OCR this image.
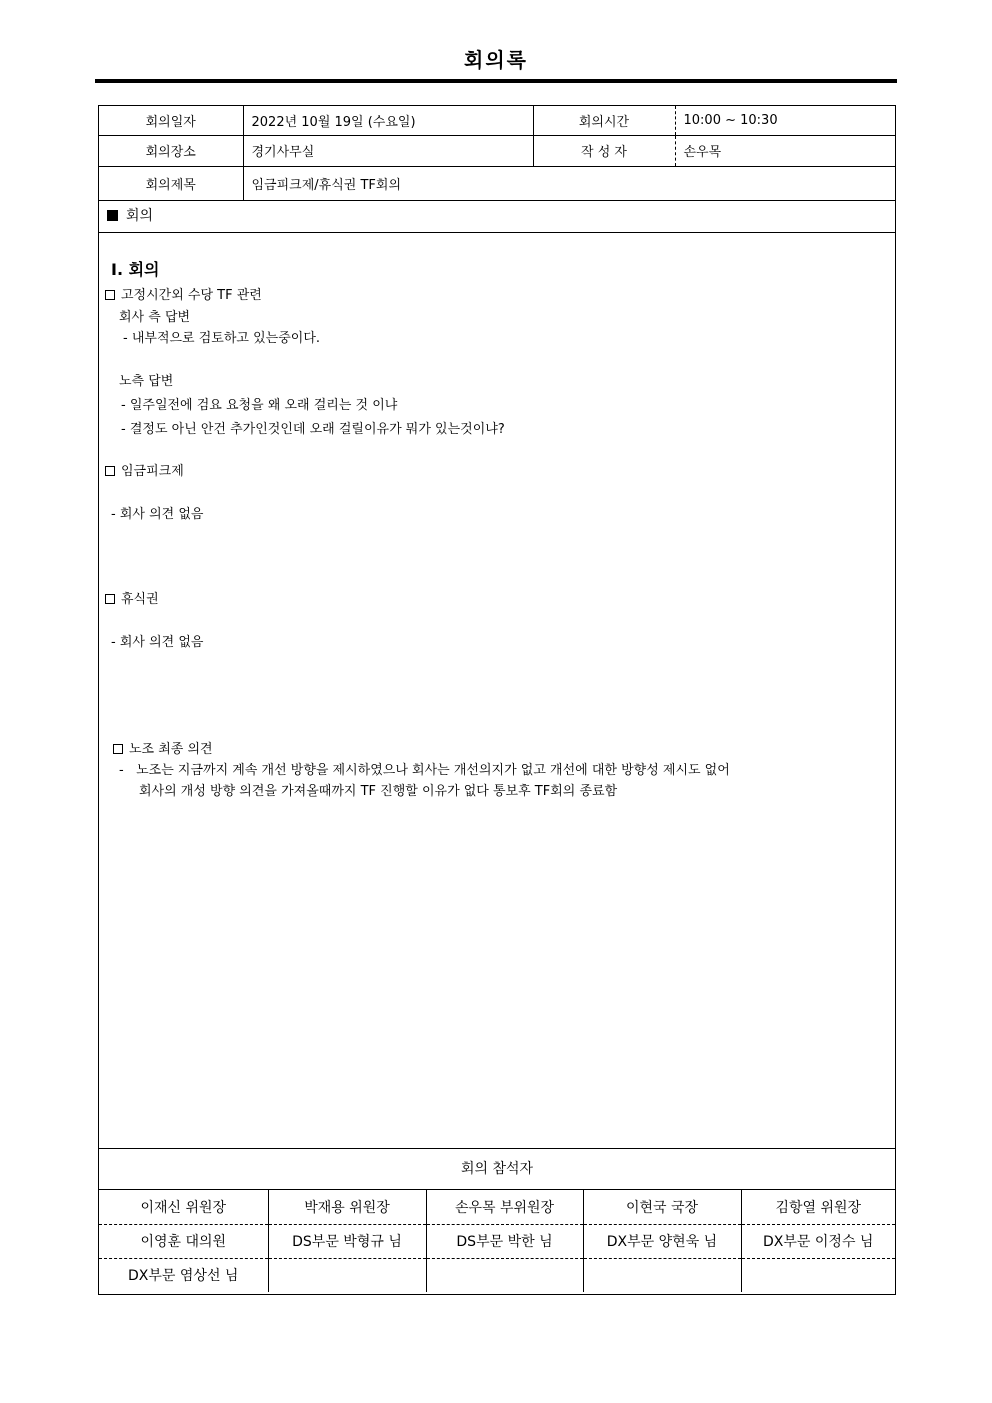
회의록
회의일자	2022년 10월 19일 (수요일)	회의시간	10:00 ~ 10:30
회의장소	경기사무실	작 성 자	손우목
회의제목	임금피크제/휴식권 TF회의		
회의
Ⅰ. 회의
고정시간외 수당 TF 관련
회사 측 답변
- 내부적으로 검토하고 있는중이다.
노측 답변
- 일주일전에 검요 요청을 왜 오래 걸리는 것 이냐
- 결정도 아닌 안건 추가인것인데 오래 걸릴이유가 뭐가 있는것이냐?
임금피크제
- 회사 의견 없음
휴식권
- 회사 의견 없음
노조 최종 의견
-   노조는 지금까지 계속 개선 방향을 제시하였으나 회사는 개선의지가 없고 개선에 대한 방향성 제시도 없어
회사의 개성 방향 의견을 가져올때까지 TF 진행할 이유가 없다 통보후 TF회의 종료함
회의 참석자
이재신 위원장	박재용 위원장	손우목 부위원장	이현국 국장	김항열 위원장
이영훈 대의원	DS부문 박형규 님	DS부문 박한 님	DX부문 양현욱 님	DX부문 이정수 님
DX부문 염상선 님				
